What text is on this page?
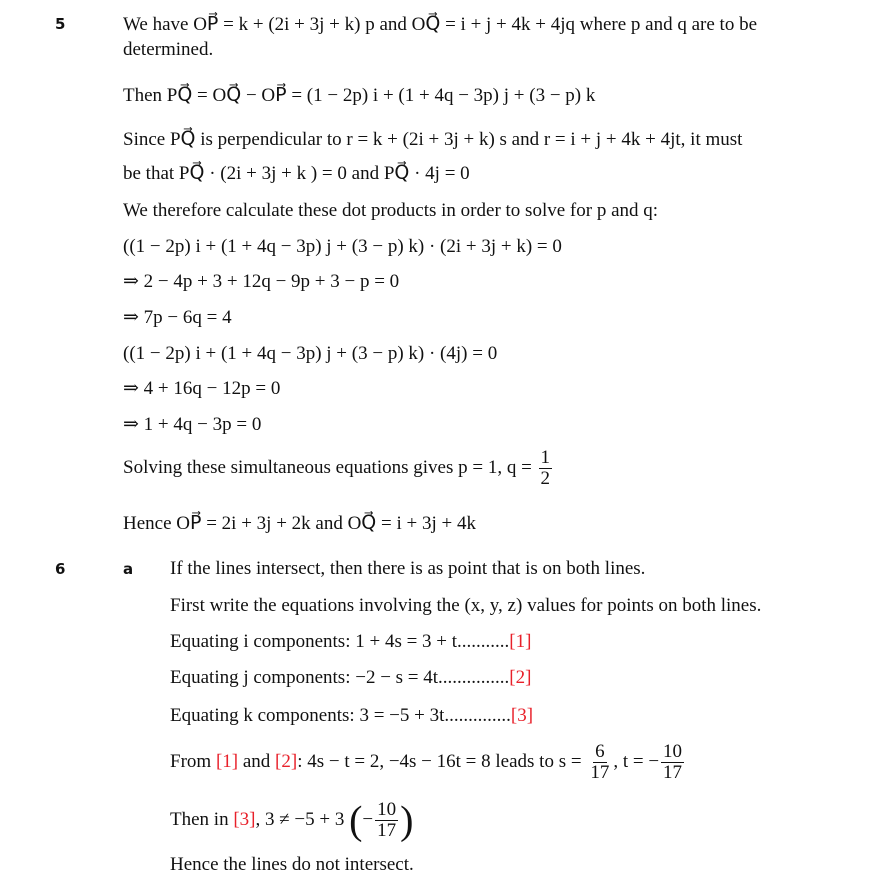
5	We have OP⃗ = k + (2i + 3j + k) p and OQ⃗ = i + j + 4k + 4jq where p and q are to be
determined.
Then PQ⃗ = OQ⃗ − OP⃗ = (1 − 2p) i + (1 + 4q − 3p) j + (3 − p) k
Since PQ⃗ is perpendicular to r = k + (2i + 3j + k) s and r = i + j + 4k + 4jt, it must
be that PQ⃗ · (2i + 3j + k ) = 0 and PQ⃗ · 4j = 0
We therefore calculate these dot products in order to solve for p and q:
((1 − 2p) i + (1 + 4q − 3p) j + (3 − p) k) · (2i + 3j + k) = 0
⇒ 2 − 4p + 3 + 12q − 9p + 3 − p = 0
⇒ 7p − 6q = 4
((1 − 2p) i + (1 + 4q − 3p) j + (3 − p) k) · (4j) = 0
⇒ 4 + 16q − 12p = 0
⇒ 1 + 4q − 3p = 0
Solving these simultaneous equations gives p = 1, $q = \frac{1}{2}$
Hence OP⃗ = 2i + 3j + 2k and OQ⃗ = i + 3j + 4k
6	a If the lines intersect, then there is as point that is on both lines.
First write the equations involving the (x, y, z) values for points on both lines.
Equating i components: 1 + 4s = 3 + t...........[1]
Equating j components: −2 − s = 4t...............[2]
Equating k components: 3 = −5 + 3t..............[3]
From [1] and [2]: 4s − t = 2, −4s − 16t = 8 leads to $s = \frac{6}{17}$ , t = − $\frac{10}{17}$
Then in [3], 3 ≠ −5 + 3 (− $\frac{10}{17}$ )
Hence the lines do not intersect.
